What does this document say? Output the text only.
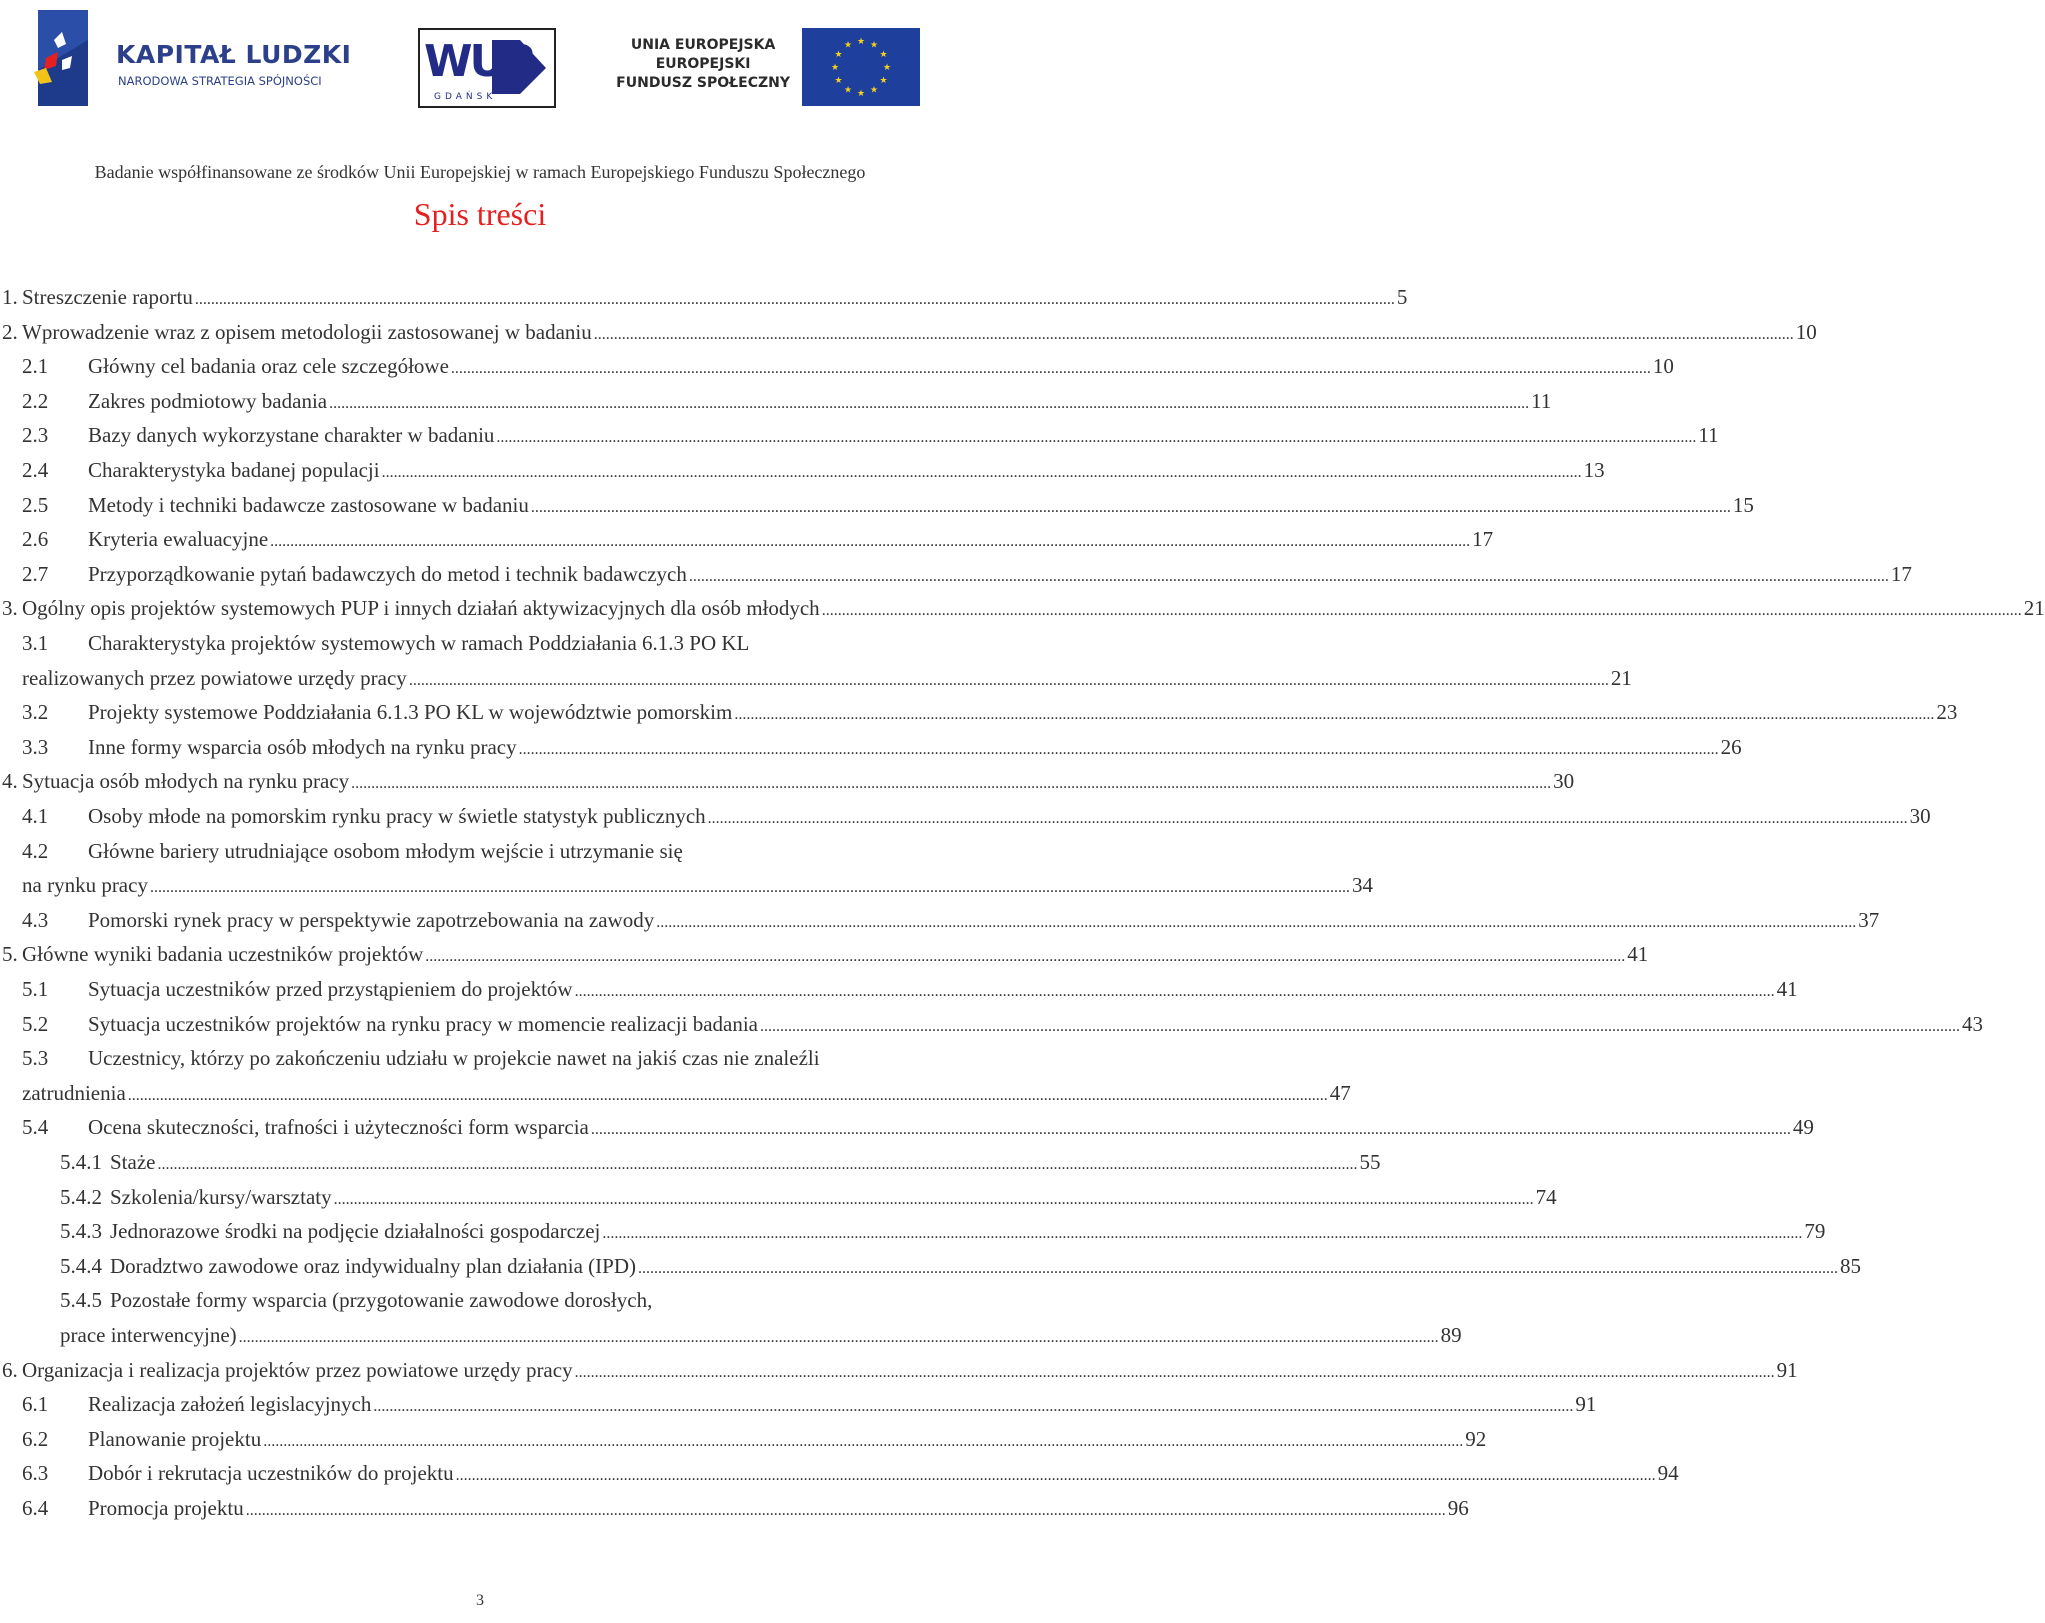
KAPITAŁ LUDZKI
NARODOWA STRATEGIA SPÓJNOŚCI WUP
GDAŃSK
UNIA EUROPEJSKA
EUROPEJSKI
FUNDUSZ SPOŁECZNY
★
★
★
★
★
★
★
★
★ ★ ★
★
Badanie współfinansowane ze środków Unii Europejskiej w ramach Europejskiego Funduszu Społecznego
Spis treści
1. Streszczenie raportu ............................................................................................................................................................................................................................................................................................................ 5
2. Wprowadzenie wraz z opisem metodologii zastosowanej w badaniu ............................................................................................................................................................................................................................................................................................................ 10
2.1 Główny cel badania oraz cele szczegółowe ............................................................................................................................................................................................................................................................................................................ 10
2.2 Zakres podmiotowy badania ............................................................................................................................................................................................................................................................................................................ 11
2.3 Bazy danych wykorzystane charakter w badaniu ............................................................................................................................................................................................................................................................................................................ 11
2.4 Charakterystyka badanej populacji ............................................................................................................................................................................................................................................................................................................ 13
2.5 Metody i techniki badawcze zastosowane w badaniu ............................................................................................................................................................................................................................................................................................................ 15
2.6 Kryteria ewaluacyjne ............................................................................................................................................................................................................................................................................................................ 17
2.7 Przyporządkowanie pytań badawczych do metod i technik badawczych ............................................................................................................................................................................................................................................................................................................ 17
3. Ogólny opis projektów systemowych PUP i innych działań aktywizacyjnych dla osób młodych ............................................................................................................................................................................................................................................................................................................ 21
3.1 Charakterystyka projektów systemowych w ramach Poddziałania 6.1.3 PO KL
realizowanych przez powiatowe urzędy pracy ............................................................................................................................................................................................................................................................................................................ 21
3.2 Projekty systemowe Poddziałania 6.1.3 PO KL w województwie pomorskim ............................................................................................................................................................................................................................................................................................................ 23
3.3 Inne formy wsparcia osób młodych na rynku pracy ............................................................................................................................................................................................................................................................................................................ 26
4. Sytuacja osób młodych na rynku pracy ............................................................................................................................................................................................................................................................................................................ 30
4.1 Osoby młode na pomorskim rynku pracy w świetle statystyk publicznych ............................................................................................................................................................................................................................................................................................................ 30
4.2 Główne bariery utrudniające osobom młodym wejście i utrzymanie się
na rynku pracy ............................................................................................................................................................................................................................................................................................................ 34
4.3 Pomorski rynek pracy w perspektywie zapotrzebowania na zawody ............................................................................................................................................................................................................................................................................................................ 37
5. Główne wyniki badania uczestników projektów ............................................................................................................................................................................................................................................................................................................ 41
5.1 Sytuacja uczestników przed przystąpieniem do projektów ............................................................................................................................................................................................................................................................................................................ 41
5.2 Sytuacja uczestników projektów na rynku pracy w momencie realizacji badania ............................................................................................................................................................................................................................................................................................................ 43
5.3 Uczestnicy, którzy po zakończeniu udziału w projekcie nawet na jakiś czas nie znaleźli
zatrudnienia ............................................................................................................................................................................................................................................................................................................ 47
5.4 Ocena skuteczności, trafności i użyteczności form wsparcia ............................................................................................................................................................................................................................................................................................................ 49
5.4.1 Staże ............................................................................................................................................................................................................................................................................................................ 55
5.4.2 Szkolenia/kursy/warsztaty ............................................................................................................................................................................................................................................................................................................ 74
5.4.3 Jednorazowe środki na podjęcie działalności gospodarczej ............................................................................................................................................................................................................................................................................................................ 79
5.4.4 Doradztwo zawodowe oraz indywidualny plan działania (IPD) ............................................................................................................................................................................................................................................................................................................ 85
5.4.5 Pozostałe formy wsparcia (przygotowanie zawodowe dorosłych,
prace interwencyjne) ............................................................................................................................................................................................................................................................................................................ 89
6. Organizacja i realizacja projektów przez powiatowe urzędy pracy ............................................................................................................................................................................................................................................................................................................ 91
6.1 Realizacja założeń legislacyjnych ............................................................................................................................................................................................................................................................................................................ 91
6.2 Planowanie projektu ............................................................................................................................................................................................................................................................................................................ 92
6.3 Dobór i rekrutacja uczestników do projektu ............................................................................................................................................................................................................................................................................................................ 94
6.4 Promocja projektu ............................................................................................................................................................................................................................................................................................................ 96
3
